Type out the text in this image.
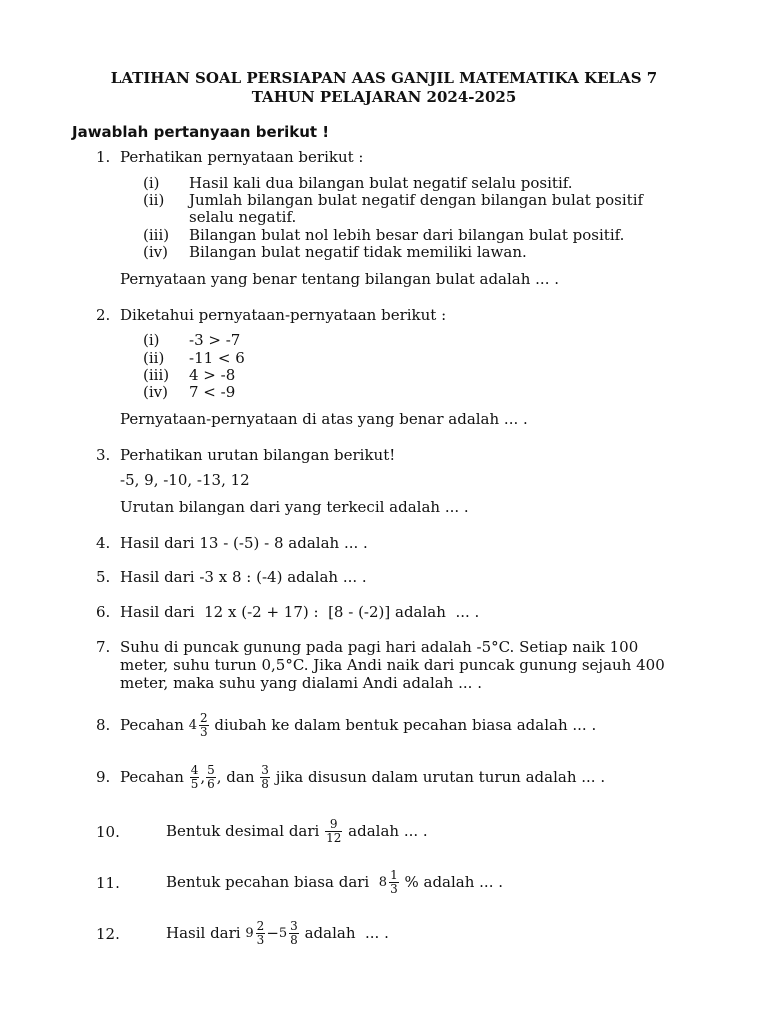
LATIHAN SOAL PERSIAPAN AAS GANJIL MATEMATIKA KELAS 7
TAHUN PELAJARAN 2024-2025
Jawablah pertanyaan berikut !
1. Perhatikan pernyataan berikut :
(i) Hasil kali dua bilangan bulat negatif selalu positif.
(ii) Jumlah bilangan bulat negatif dengan bilangan bulat positif
selalu negatif.
(iii) Bilangan bulat nol lebih besar dari bilangan bulat positif.
(iv) Bilangan bulat negatif tidak memiliki lawan.
Pernyataan yang benar tentang bilangan bulat adalah ... .
2. Diketahui pernyataan-pernyataan berikut :
(i) -3 > -7
(ii) -11 < 6
(iii) 4 > -8
(iv) 7 < -9
Pernyataan-pernyataan di atas yang benar adalah ... .
3. Perhatikan urutan bilangan berikut!
-5, 9, -10, -13, 12
Urutan bilangan dari yang terkecil adalah ... .
4. Hasil dari 13 - (-5) - 8 adalah ... .
5. Hasil dari -3 x 8 : (-4) adalah ... .
6. Hasil dari  12 x (-2 + 17) :  [8 - (-2)] adalah  ... .
7. Suhu di puncak gunung pada pagi hari adalah -5°C. Setiap naik 100
meter, suhu turun 0,5°C. Jika Andi naik dari puncak gunung sejauh 400
meter, maka suhu yang dialami Andi adalah ... .
8. Pecahan
$4 \frac{2}{3}$
diubah ke dalam bentuk pecahan biasa adalah ... .
9. Pecahan
$\frac{4}{5}$ , $\frac{5}{6}$ , dan
$\frac{3}{8}$
jika disusun dalam urutan turun adalah ... .
10.	Bentuk desimal dari
$\frac{9}{12}$
adalah ... .
11.	Bentuk pecahan biasa dari
$8 \frac{1}{3}$
% adalah ... .
12.	Hasil dari
$9 \frac{2}{3} - 5 \frac{3}{8}$
adalah  ... .
